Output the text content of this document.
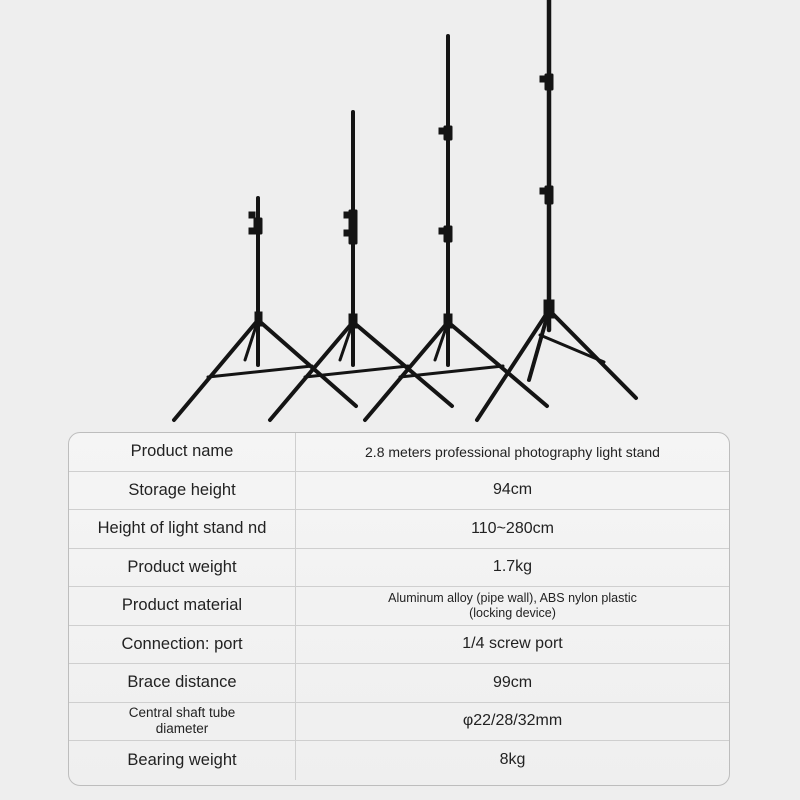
Product name	2.8 meters professional photography light stand
Storage height	94cm
Height of light stand nd	110~280cm
Product weight	1.7kg
Product material	Aluminum alloy (pipe wall), ABS nylon plastic
(locking device)
Connection: port	1/4 screw port
Brace distance	99cm
Central shaft tube
diameter	φ22/28/32mm
Bearing weight	8kg
